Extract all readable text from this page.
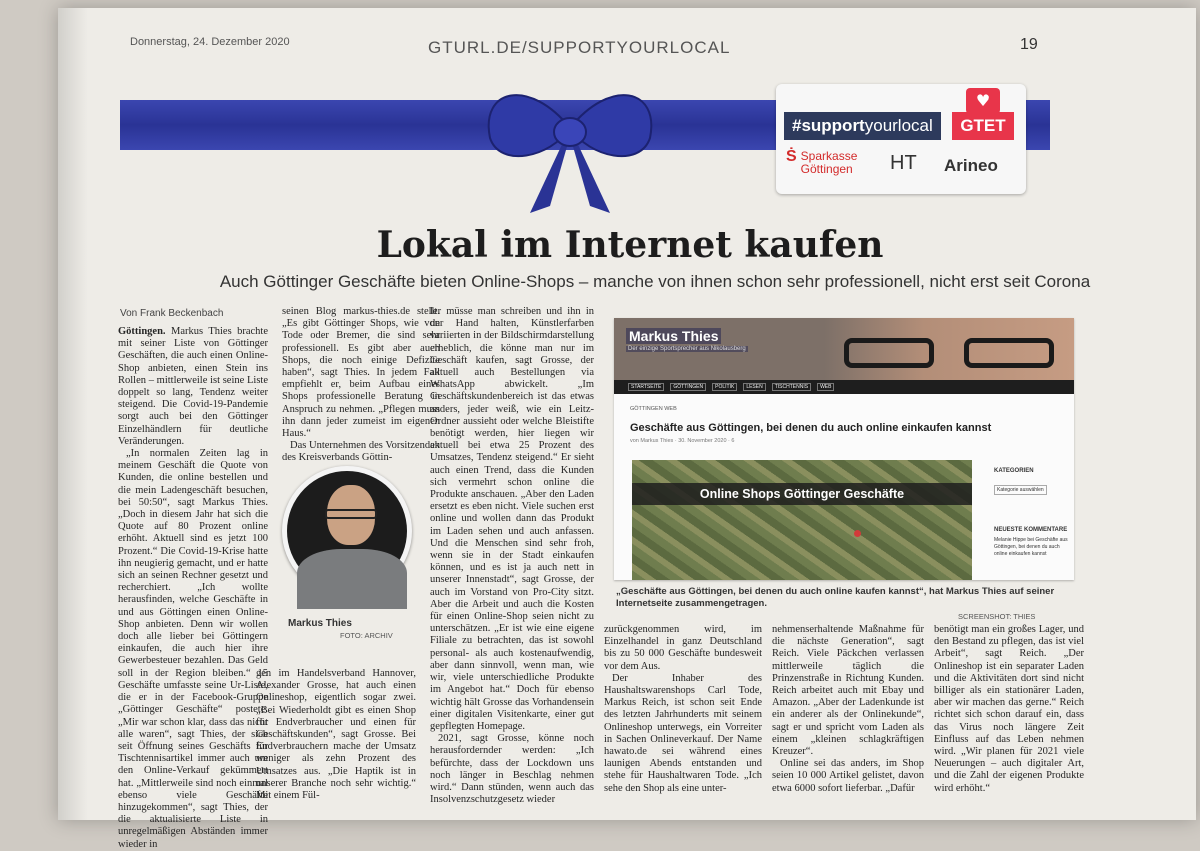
Donnerstag, 24. Dezember 2020	GTURL.DE/SUPPORTYOURLOCAL	19
♥
#supportyourlocal	GTET
Ṡ Sparkasse
Göttingen HT Arineo
Lokal im Internet kaufen
Auch Göttinger Geschäfte bieten Online-Shops – manche von ihnen schon sehr professionell, nicht erst seit Corona
Von Frank Beckenbach

Göttingen. Markus Thies brachte mit seiner Liste von Göttinger Geschäften, die auch einen Online-Shop anbieten, einen Stein ins Rollen – mittlerweile ist seine Liste doppelt so lang, Tendenz weiter steigend. Die Covid-19-Pandemie sorgt auch bei den Göttinger Einzelhändlern für deutliche Veränderungen.

„In normalen Zeiten lag in meinem Geschäft die Quote von Kunden, die online bestellen und die mein Ladengeschäft besuchen, bei 50:50“, sagt Markus Thies. „Doch in diesem Jahr hat sich die Quote auf 80 Prozent online erhöht. Aktuell sind es jetzt 100 Prozent.“ Die Covid-19-Krise hatte ihn neugierig gemacht, und er hatte sich an seinen Rechner gesetzt und recherchiert. „Ich wollte herausfinden, welche Geschäfte in und aus Göttingen einen Online-Shop anbieten. Denn wir wollen doch alle lieber bei Göttingern einkaufen, die auch hier ihre Gewerbesteuer bezahlen. Das Geld soll in der Region bleiben.“ 15 Geschäfte umfasste seine Ur-Liste, die er in der Facebook-Gruppe „Göttinger Geschäfte“ postete. „Mir war schon klar, dass das nicht alle waren“, sagt Thies, der sich seit Öffnung seines Geschäfts für Tischtennisartikel immer auch um den Online-Verkauf gekümmert hat. „Mittlerweile sind noch einmal ebenso viele Geschäfte hinzugekommen“, sagt Thies, der die aktualisierte Liste in unregelmäßigen Abständen immer wieder in

seinen Blog markus-thies.de stellt. „Es gibt Göttinger Shops, wie von Tode oder Bremer, die sind sehr professionell. Es gibt aber auch Shops, die noch einige Defizite haben“, sagt Thies. In jedem Fall empfiehlt er, beim Aufbau eines Shops professionelle Beratung in Anspruch zu nehmen. „Pflegen muss ihn dann jeder zumeist im eigenen Haus.“

Das Unternehmen des Vorsitzenden des Kreisverbands Göttin-

Markus Thies
FOTO: ARCHIV

gen im Handelsverband Hannover, Alexander Grosse, hat auch einen Onlineshop, eigentlich sogar zwei. „Bei Wiederholdt gibt es einen Shop für Endverbraucher und einen für Geschäftskunden“, sagt Grosse. Bei Endverbrauchern mache der Umsatz weniger als zehn Prozent des Umsatzes aus. „Die Haptik ist in unserer Branche noch sehr wichtig.“ Mit einem Fül-

ler müsse man schreiben und ihn in der Hand halten, Künstlerfarben variierten in der Bildschirmdarstellung erheblich, die könne man nur im Geschäft kaufen, sagt Grosse, der aktuell auch Bestellungen via WhatsApp abwickelt. „Im Geschäftskundenbereich ist das etwas anders, jeder weiß, wie ein Leitz-Ordner aussieht oder welche Bleistifte benötigt werden, hier liegen wir aktuell bei etwa 25 Prozent des Umsatzes, Tendenz steigend.“ Er sieht auch einen Trend, dass die Kunden sich vermehrt schon online die Produkte anschauen. „Aber den Laden ersetzt es eben nicht. Viele suchen erst online und wollen dann das Produkt im Laden sehen und auch anfassen. Und die Menschen sind sehr froh, wenn sie in der Stadt einkaufen können, und es ist ja auch nett in unserer Innenstadt“, sagt Grosse, der auch im Vorstand von Pro-City sitzt. Aber die Arbeit und auch die Kosten für einen Online-Shop seien nicht zu unterschätzen. „Er ist wie eine eigene Filiale zu betrachten, das ist sowohl personal- als auch kostenaufwendig, aber dann sinnvoll, wenn man, wie wir, viele unterschiedliche Produkte im Angebot hat.“ Doch für ebenso wichtig hält Grosse das Vorhandensein einer digitalen Visitenkarte, einer gut gepflegten Homepage.

2021, sagt Grosse, könne noch herausfordernder werden: „Ich befürchte, dass der Lockdown uns noch länger in Beschlag nehmen wird.“ Dann stünden, wenn auch das Insolvenzschutzgesetz wieder

Markus Thies
Der einzige Sportsprecher aus Nikolausberg
STARTSEITE	GÖTTINGEN	POLITIK	LESEN	TISCHTENNIS	WEB
GÖTTINGEN WEB
Geschäfte aus Göttingen, bei denen du auch online einkaufen kannst
von Markus Thies · 30. November 2020 · 6
Online Shops Göttinger Geschäfte
KATEGORIEN
Kategorie auswählen
NEUESTE KOMMENTARE
Melanie Hippe bei Geschäfte aus Göttingen, bei denen du auch online einkaufen kannst
„Geschäfte aus Göttingen, bei denen du auch online kaufen kannst“, hat Markus Thies auf seiner Internetseite zusammengetragen.
SCREENSHOT: THIES

zurückgenommen wird, im Einzelhandel in ganz Deutschland bis zu 50 000 Geschäfte bundesweit vor dem Aus.

Der Inhaber des Haushaltswarenshops Carl Tode, Markus Reich, ist schon seit Ende des letzten Jahrhunderts mit seinem Onlineshop unterwegs, ein Vorreiter in Sachen Onlineverkauf. Der Name hawato.de sei während eines launigen Abends entstanden und stehe für Haushaltwaren Tode. „Ich sehe den Shop als eine unter-

nehmenserhaltende Maßnahme für die nächste Generation“, sagt Reich. Viele Päckchen verlassen mittlerweile täglich die Prinzenstraße in Richtung Kunden. Reich arbeitet auch mit Ebay und Amazon. „Aber der Ladenkunde ist ein anderer als der Onlinekunde“, sagt er und spricht vom Laden als einem „kleinen schlagkräftigen Kreuzer“.

Online sei das anders, im Shop seien 10 000 Artikel gelistet, davon etwa 6000 sofort lieferbar. „Dafür

benötigt man ein großes Lager, und den Bestand zu pflegen, das ist viel Arbeit“, sagt Reich. „Der Onlineshop ist ein separater Laden und die Aktivitäten dort sind nicht billiger als ein stationärer Laden, aber wir machen das gerne.“ Reich richtet sich schon darauf ein, dass das Virus noch längere Zeit Einfluss auf das Leben nehmen wird. „Wir planen für 2021 viele Neuerungen – auch digitaler Art, und die Zahl der eigenen Produkte wird erhöht.“
